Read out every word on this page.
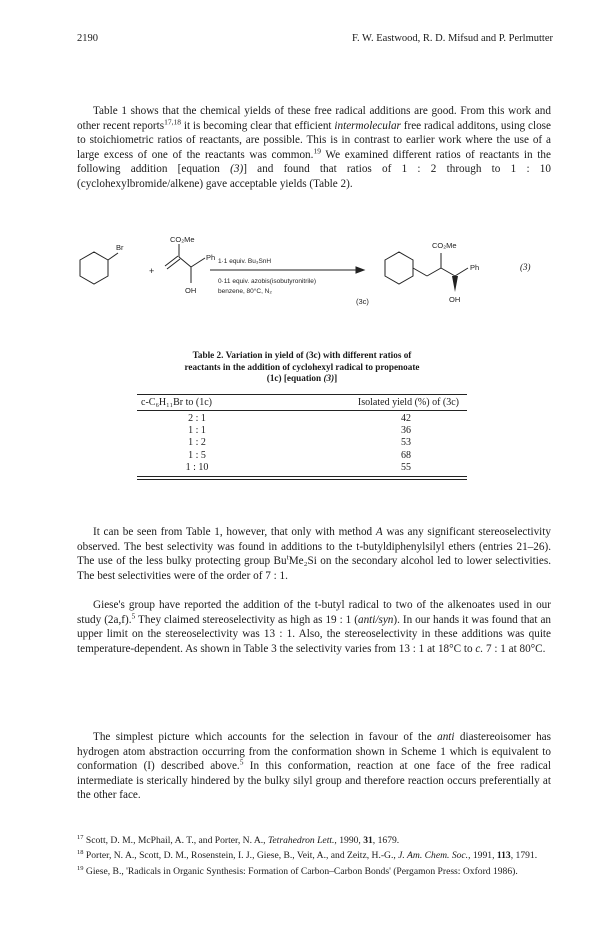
2190	F. W. Eastwood, R. D. Mifsud and P. Perlmutter

Table 1 shows that the chemical yields of these free radical additions are good. From this work and other recent reports$^{17,18}$ it is becoming clear that efficient intermolecular free radical additons, using close to stoichiometric ratios of reactants, are possible. This is in contrast to earlier work where the use of a large excess of one of the reactants was common.$^{19}$ We examined different ratios of reactants in the following addition [equation (3)] and found that ratios of 1 : 2 through to 1 : 10 (cyclohexylbromide/alkene) gave acceptable yields (Table 2).

Br
+
CO₂Me
Ph
OH
1·1 equiv. Bu₃SnH
0·11 equiv. azobis(isobutyronitrile)
benzene, 80°C, N₂
CO₂Me
Ph
OH
(3c)
(3)
Table 2. Variation in yield of (3c) with different ratios of
reactants in the addition of cyclohexyl radical to propenoate
(1c) [equation (3)]
c-C₆H₁₁Br to (1c)	Isolated yield (%) of (3c)
2 : 1	42
1 : 1	36
1 : 2	53
1 : 5	68
1 : 10	55

It can be seen from Table 1, however, that only with method A was any significant stereoselectivity observed. The best selectivity was found in additions to the t-butyldiphenylsilyl ethers (entries 21–26). The use of the less bulky protecting group Bu$^t$Me₂Si on the secondary alcohol led to lower selectivities. The best selectivities were of the order of 7 : 1.

Giese's group have reported the addition of the t-butyl radical to two of the alkenoates used in our study (2a,f).$^5$ They claimed stereoselectivity as high as 19 : 1 (anti/syn). In our hands it was found that an upper limit on the stereoselectivity was 13 : 1. Also, the stereoselectivity in these additions was quite temperature-dependent. As shown in Table 3 the selectivity varies from 13 : 1 at 18°C to c. 7 : 1 at 80°C.

The simplest picture which accounts for the selection in favour of the anti diastereoisomer has hydrogen atom abstraction occurring from the conformation shown in Scheme 1 which is equivalent to conformation (I) described above.$^5$ In this conformation, reaction at one face of the free radical intermediate is sterically hindered by the bulky silyl group and therefore reaction occurs preferentially at the other face.

$^{17}$ Scott, D. M., McPhail, A. T., and Porter, N. A., Tetrahedron Lett., 1990, 31, 1679.
$^{18}$ Porter, N. A., Scott, D. M., Rosenstein, I. J., Giese, B., Veit, A., and Zeitz, H.-G., J. Am. Chem. Soc., 1991, 113, 1791.
$^{19}$ Giese, B., 'Radicals in Organic Synthesis: Formation of Carbon–Carbon Bonds' (Pergamon Press: Oxford 1986).
